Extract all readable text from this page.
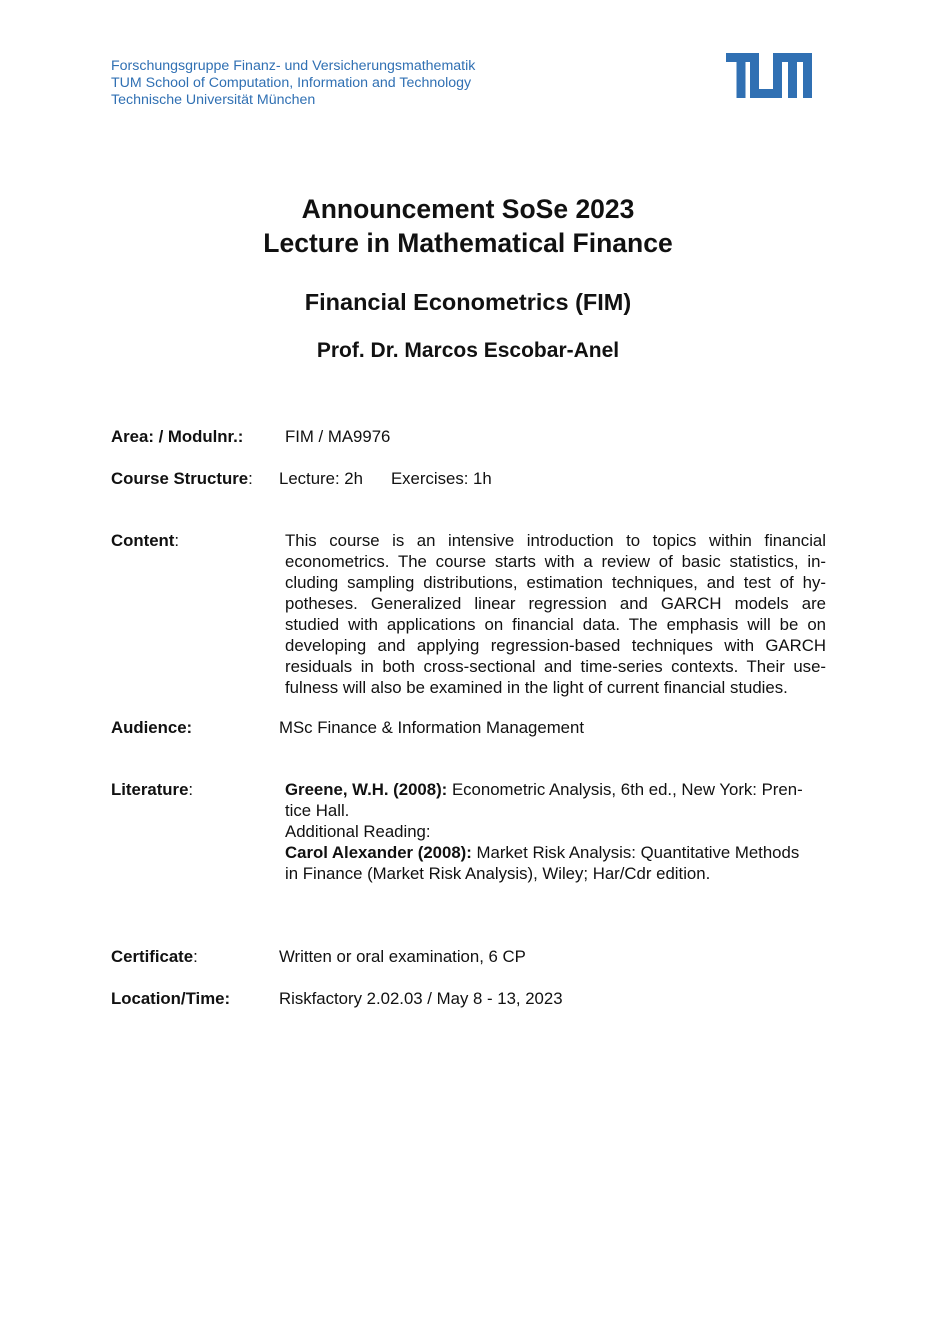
Forschungsgruppe Finanz- und Versicherungsmathematik
TUM School of Computation, Information and Technology
Technische Universität München
Announcement SoSe 2023
Lecture in Mathematical Finance
Financial Econometrics (FIM)
Prof. Dr. Marcos Escobar-Anel
Area: / Modulnr.: FIM / MA9976
Course Structure: Lecture: 2h Exercises: 1h
Content:	This course is an intensive introduction to topics within financial
econometrics. The course starts with a review of basic statistics, in-
cluding sampling distributions, estimation techniques, and test of hy-
potheses. Generalized linear regression and GARCH models are
studied with applications on financial data. The emphasis will be on
developing and applying regression-based techniques with GARCH
residuals in both cross-sectional and time-series contexts. Their use-
fulness will also be examined in the light of current financial studies.
Audience:	MSc Finance & Information Management
Literature:	Greene, W.H. (2008): Econometric Analysis, 6th ed., New York: Pren-
tice Hall.
Additional Reading:
Carol Alexander (2008): Market Risk Analysis: Quantitative Methods
in Finance (Market Risk Analysis), Wiley; Har/Cdr edition.
Certificate:	Written or oral examination, 6 CP
Location/Time:	Riskfactory 2.02.03 / May 8 - 13, 2023
